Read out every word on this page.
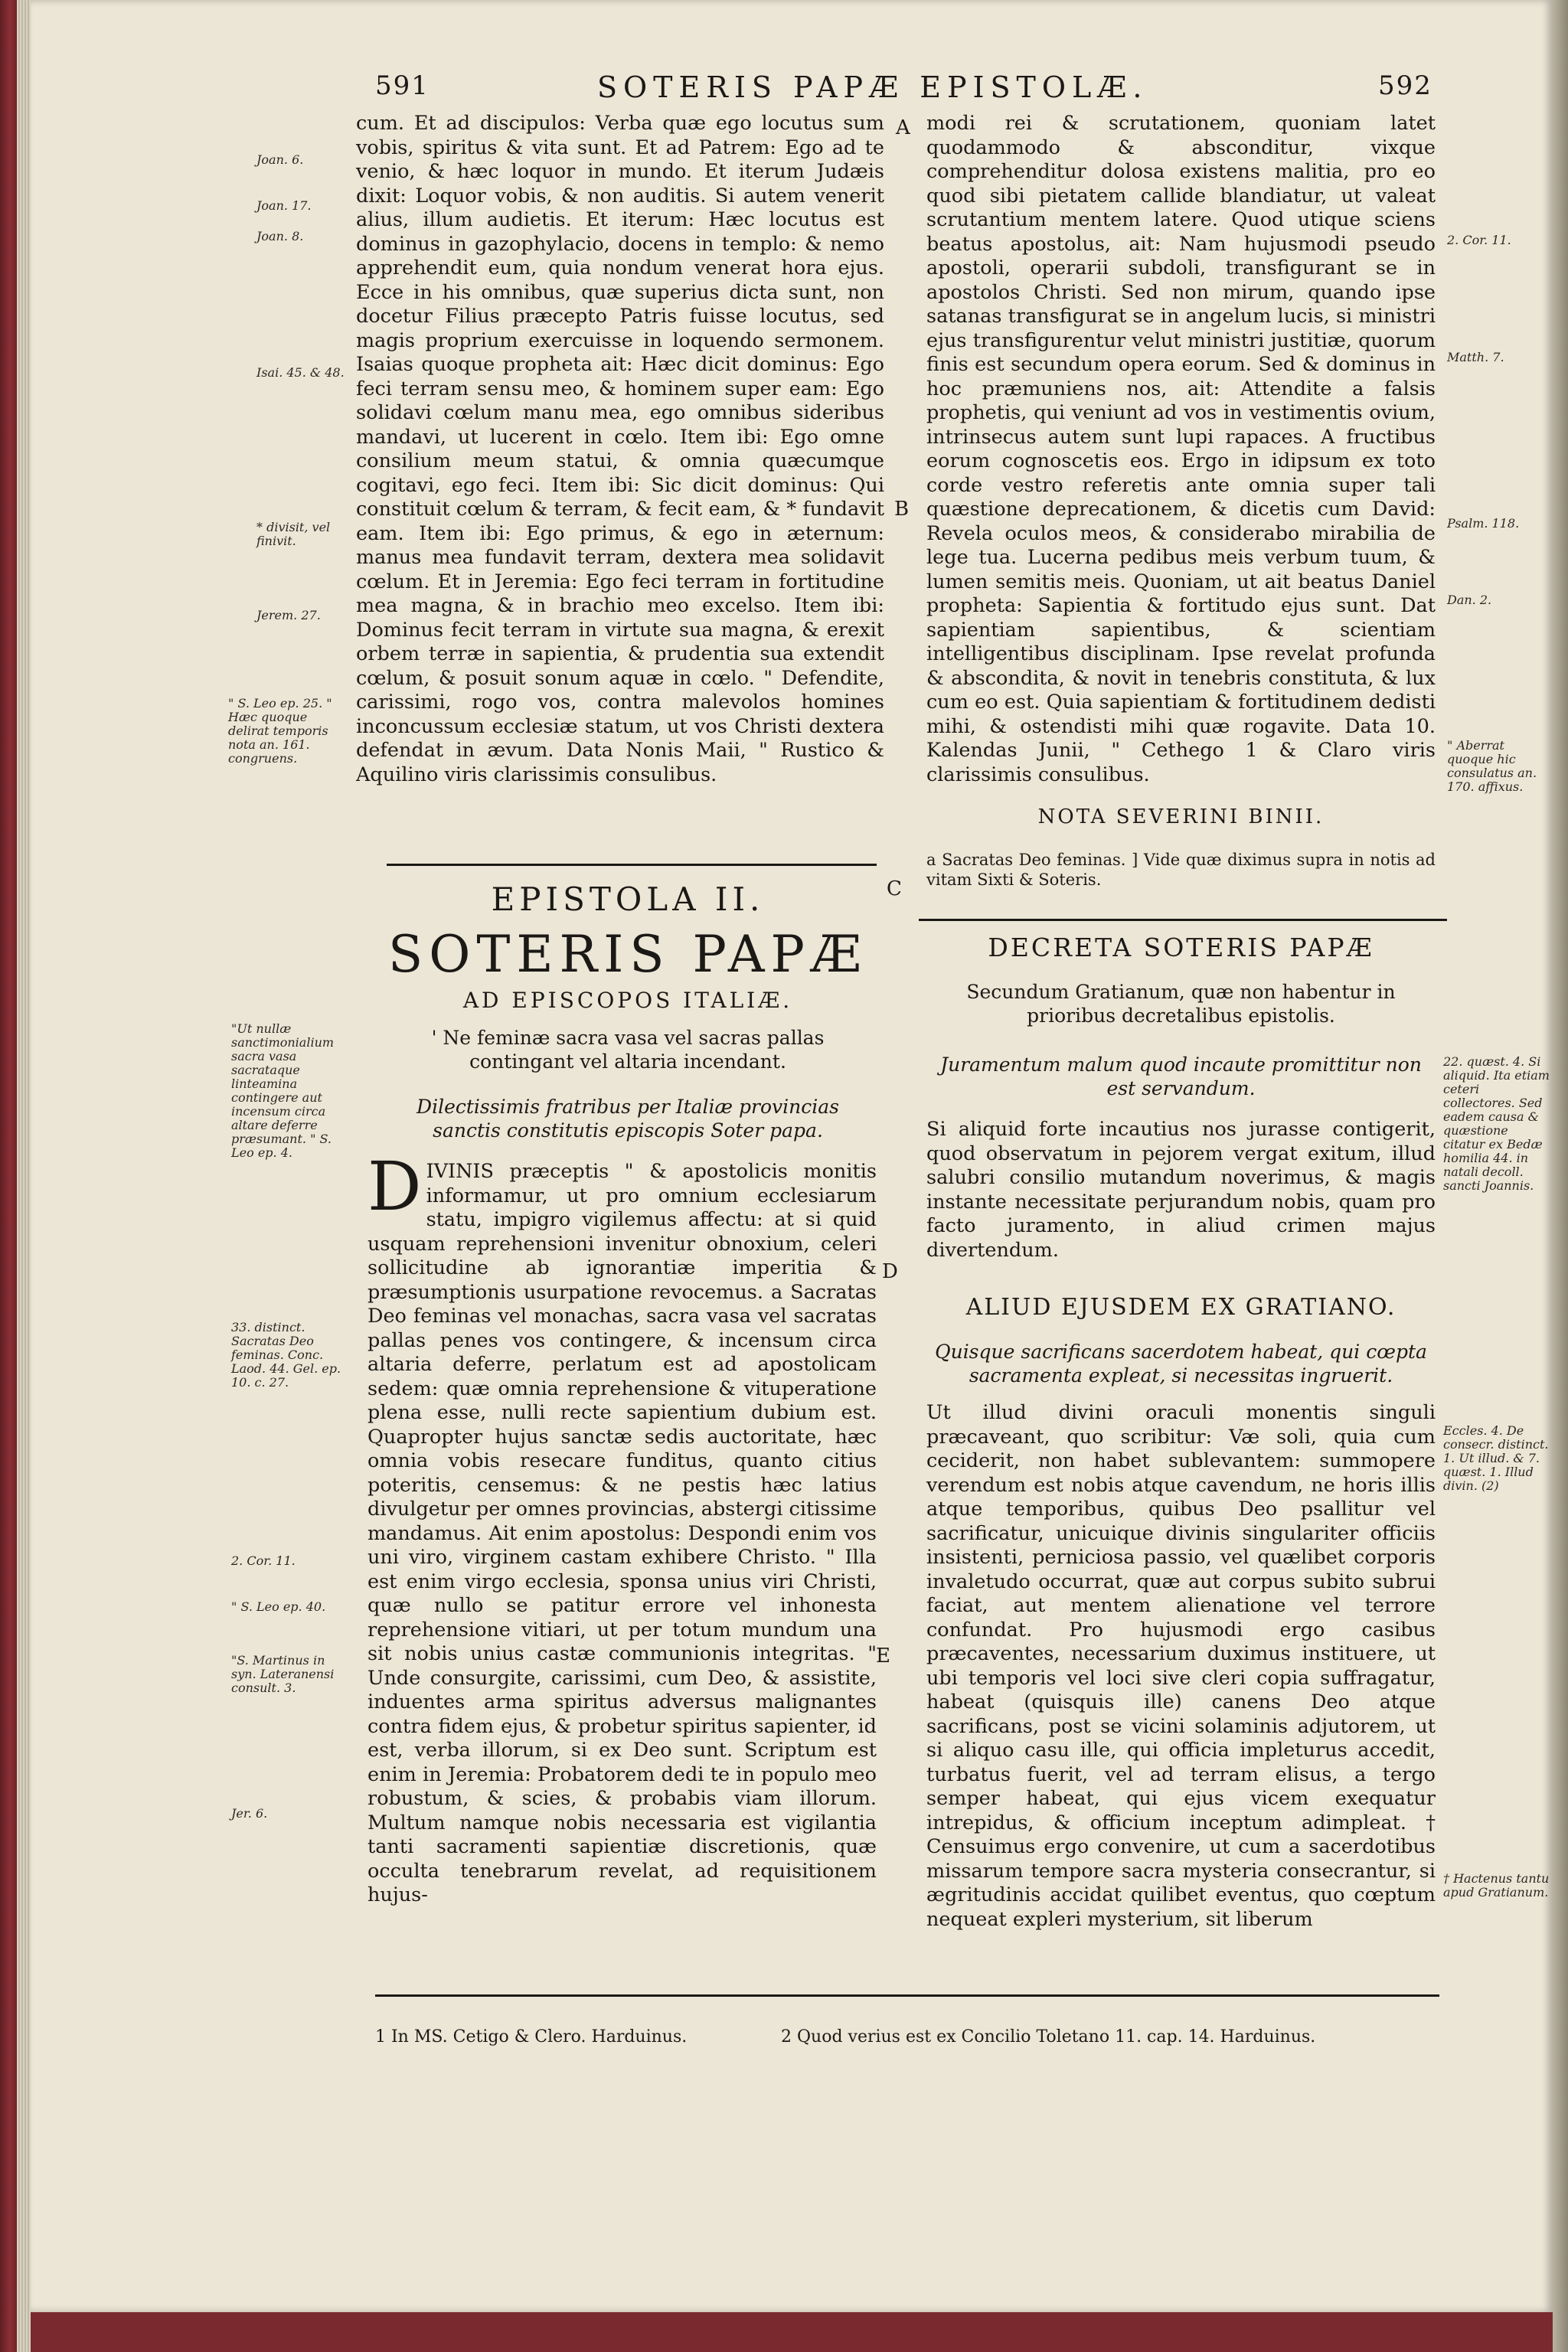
591	SOTERIS PAPÆ EPISTOLÆ.	592

cum. Et ad discipulos: Verba quæ ego locutus sum vobis, spiritus & vita sunt. Et ad Patrem: Ego ad te venio, & hæc loquor in mundo. Et iterum Judæis dixit: Loquor vobis, & non auditis. Si autem venerit alius, illum audietis. Et iterum: Hæc locutus est dominus in gazophylacio, docens in templo: & nemo apprehendit eum, quia nondum venerat hora ejus. Ecce in his omnibus, quæ superius dicta sunt, non docetur Filius præcepto Patris fuisse locutus, sed magis proprium exercuisse in loquendo sermonem. Isaias quoque propheta ait: Hæc dicit dominus: Ego feci terram sensu meo, & hominem super eam: Ego solidavi cœlum manu mea, ego omnibus sideribus mandavi, ut lucerent in cœlo. Item ibi: Ego omne consilium meum statui, & omnia quæcumque cogitavi, ego feci. Item ibi: Sic dicit dominus: Qui constituit cœlum & terram, & fecit eam, & * fundavit eam. Item ibi: Ego primus, & ego in æternum: manus mea fundavit terram, dextera mea solidavit cœlum. Et in Jeremia: Ego feci terram in fortitudine mea magna, & in brachio meo excelso. Item ibi: Dominus fecit terram in virtute sua magna, & erexit orbem terræ in sapientia, & prudentia sua extendit cœlum, & posuit sonum aquæ in cœlo. " Defendite, carissimi, rogo vos, contra malevolos homines inconcussum ecclesiæ statum, ut vos Christi dextera defendat in ævum. Data Nonis Maii, " Rustico & Aquilino viris clarissimis consulibus.

Joan. 6.
Joan. 17.
Joan. 8.
Isai. 45. & 48.
* divisit, vel finivit.
Jerem. 27.
" S. Leo ep. 25. " Hæc quoque delirat temporis nota an. 161. congruens.
A
B
C
D
E
EPISTOLA II.
SOTERIS PAPÆ
AD EPISCOPOS ITALIÆ.
' Ne feminæ sacra vasa vel sacras pallas contingant vel altaria incendant.
Dilectissimis fratribus per Italiæ provincias sanctis constitutis episcopis Soter papa.
D IVINIS præceptis " & apostolicis monitis informamur, ut pro omnium ecclesiarum statu, impigro vigilemus affectu: at si quid usquam reprehensioni invenitur obnoxium, celeri sollicitudine ab ignorantiæ imperitia & præsumptionis usurpatione revocemus. a Sacratas Deo feminas vel monachas, sacra vasa vel sacratas pallas penes vos contingere, & incensum circa altaria deferre, perlatum est ad apostolicam sedem: quæ omnia reprehensione & vituperatione plena esse, nulli recte sapientium dubium est. Quapropter hujus sanctæ sedis auctoritate, hæc omnia vobis resecare funditus, quanto citius poteritis, censemus: & ne pestis hæc latius divulgetur per omnes provincias, abstergi citissime mandamus. Ait enim apostolus: Despondi enim vos uni viro, virginem castam exhibere Christo. " Illa est enim virgo ecclesia, sponsa unius viri Christi, quæ nullo se patitur errore vel inhonesta reprehensione vitiari, ut per totum mundum una sit nobis unius castæ communionis integritas. " Unde consurgite, carissimi, cum Deo, & assistite, induentes arma spiritus adversus malignantes contra fidem ejus, & probetur spiritus sapienter, id est, verba illorum, si ex Deo sunt. Scriptum est enim in Jeremia: Probatorem dedi te in populo meo robustum, & scies, & probabis viam illorum. Multum namque nobis necessaria est vigilantia tanti sacramenti sapientiæ discretionis, quæ occulta tenebrarum revelat, ad requisitionem hujus-

"Ut nullæ sanctimonialium sacra vasa sacrataque linteamina contingere aut incensum circa altare deferre præsumant. " S. Leo ep. 4.
33. distinct. Sacratas Deo feminas. Conc. Laod. 44. Gel. ep. 10. c. 27.
2. Cor. 11.
" S. Leo ep. 40.
"S. Martinus in syn. Lateranensi consult. 3.
Jer. 6.

modi rei & scrutationem, quoniam latet quodammodo & absconditur, vixque comprehenditur dolosa existens malitia, pro eo quod sibi pietatem callide blandiatur, ut valeat scrutantium mentem latere. Quod utique sciens beatus apostolus, ait: Nam hujusmodi pseudo apostoli, operarii subdoli, transfigurant se in apostolos Christi. Sed non mirum, quando ipse satanas transfigurat se in angelum lucis, si ministri ejus transfigurentur velut ministri justitiæ, quorum finis est secundum opera eorum. Sed & dominus in hoc præmuniens nos, ait: Attendite a falsis prophetis, qui veniunt ad vos in vestimentis ovium, intrinsecus autem sunt lupi rapaces. A fructibus eorum cognoscetis eos. Ergo in idipsum ex toto corde vestro referetis ante omnia super tali quæstione deprecationem, & dicetis cum David: Revela oculos meos, & considerabo mirabilia de lege tua. Lucerna pedibus meis verbum tuum, & lumen semitis meis. Quoniam, ut ait beatus Daniel propheta: Sapientia & fortitudo ejus sunt. Dat sapientiam sapientibus, & scientiam intelligentibus disciplinam. Ipse revelat profunda & abscondita, & novit in tenebris constituta, & lux cum eo est. Quia sapientiam & fortitudinem dedisti mihi, & ostendisti mihi quæ rogavite. Data 10. Kalendas Junii, " Cethego 1 & Claro viris clarissimis consulibus.

2. Cor. 11.
Matth. 7.
Psalm. 118.
Dan. 2.
" Aberrat quoque hic consulatus an. 170. affixus.
NOTA SEVERINI BINII.
a Sacratas Deo feminas. ] Vide quæ diximus supra in notis ad vitam Sixti & Soteris.
DECRETA SOTERIS PAPÆ
Secundum Gratianum, quæ non habentur in prioribus decretalibus epistolis.
Juramentum malum quod incaute promittitur non est servandum.

Si aliquid forte incautius nos jurasse contigerit, quod observatum in pejorem vergat exitum, illud salubri consilio mutandum noverimus, & magis instante necessitate perjurandum nobis, quam pro facto juramento, in aliud crimen majus divertendum.

ALIUD EJUSDEM EX GRATIANO.
Quisque sacrificans sacerdotem habeat, qui cœpta sacramenta expleat, si necessitas ingruerit.

Ut illud divini oraculi monentis singuli præcaveant, quo scribitur: Væ soli, quia cum ceciderit, non habet sublevantem: summopere verendum est nobis atque cavendum, ne horis illis atque temporibus, quibus Deo psallitur vel sacrificatur, unicuique divinis singulariter officiis insistenti, perniciosa passio, vel quælibet corporis invaletudo occurrat, quæ aut corpus subito subrui faciat, aut mentem alienatione vel terrore confundat. Pro hujusmodi ergo casibus præcaventes, necessarium duximus instituere, ut ubi temporis vel loci sive cleri copia suffragatur, habeat (quisquis ille) canens Deo atque sacrificans, post se vicini solaminis adjutorem, ut si aliquo casu ille, qui officia impleturus accedit, turbatus fuerit, vel ad terram elisus, a tergo semper habeat, qui ejus vicem exequatur intrepidus, & officium inceptum adimpleat. † Censuimus ergo convenire, ut cum a sacerdotibus missarum tempore sacra mysteria consecrantur, si ægritudinis accidat quilibet eventus, quo cœptum nequeat expleri mysterium, sit liberum

22. quæst. 4. Si aliquid. Ita etiam ceteri collectores. Sed eadem causa & quæstione citatur ex Bedæ homilia 44. in natali decoll. sancti Joannis.
Eccles. 4. De consecr. distinct. 1. Ut illud. & 7. quæst. 1. Illud divin. (2)
† Hactenus tantu apud Gratianum.
1 In MS. Cetigo & Clero. Harduinus.	2 Quod verius est ex Concilio Toletano 11. cap. 14. Harduinus.
